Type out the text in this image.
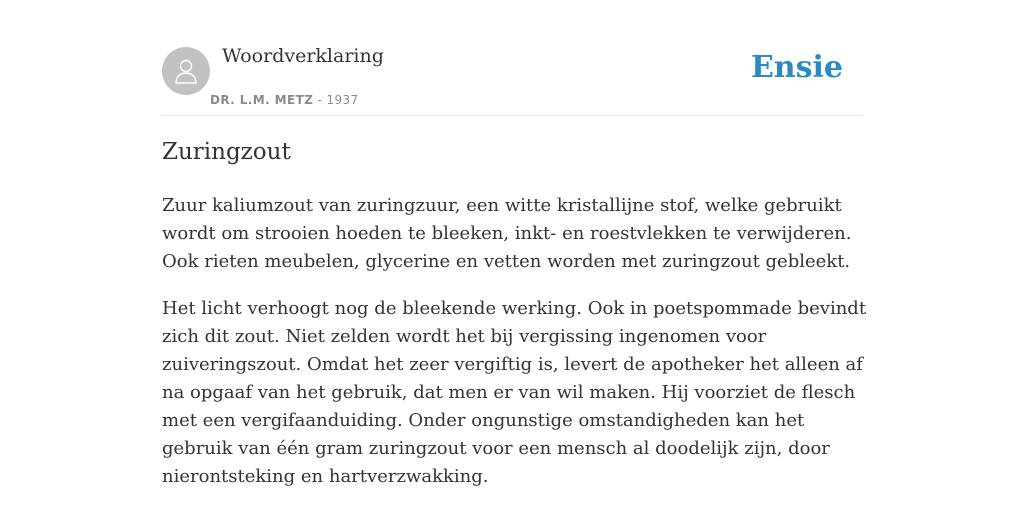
Woordverklaring
DR. L.M. METZ - 1937
Ensie
Zuringzout

Zuur kaliumzout van zuringzuur, een witte kristallijne stof, welke gebruikt wordt om strooien hoeden te bleeken, inkt- en roestvlekken te verwijderen. Ook rieten meubelen, glycerine en vetten worden met zuringzout gebleekt.

Het licht verhoogt nog de bleekende werking. Ook in poetspommade bevindt zich dit zout. Niet zelden wordt het bij vergissing ingenomen voor zuiveringszout. Omdat het zeer vergiftig is, levert de apotheker het alleen af na opgaaf van het gebruik, dat men er van wil maken. Hij voorziet de flesch met een vergifaanduiding. Onder ongunstige omstandigheden kan het gebruik van één gram zuringzout voor een mensch al doodelijk zijn, door nierontsteking en hartverzwakking.
